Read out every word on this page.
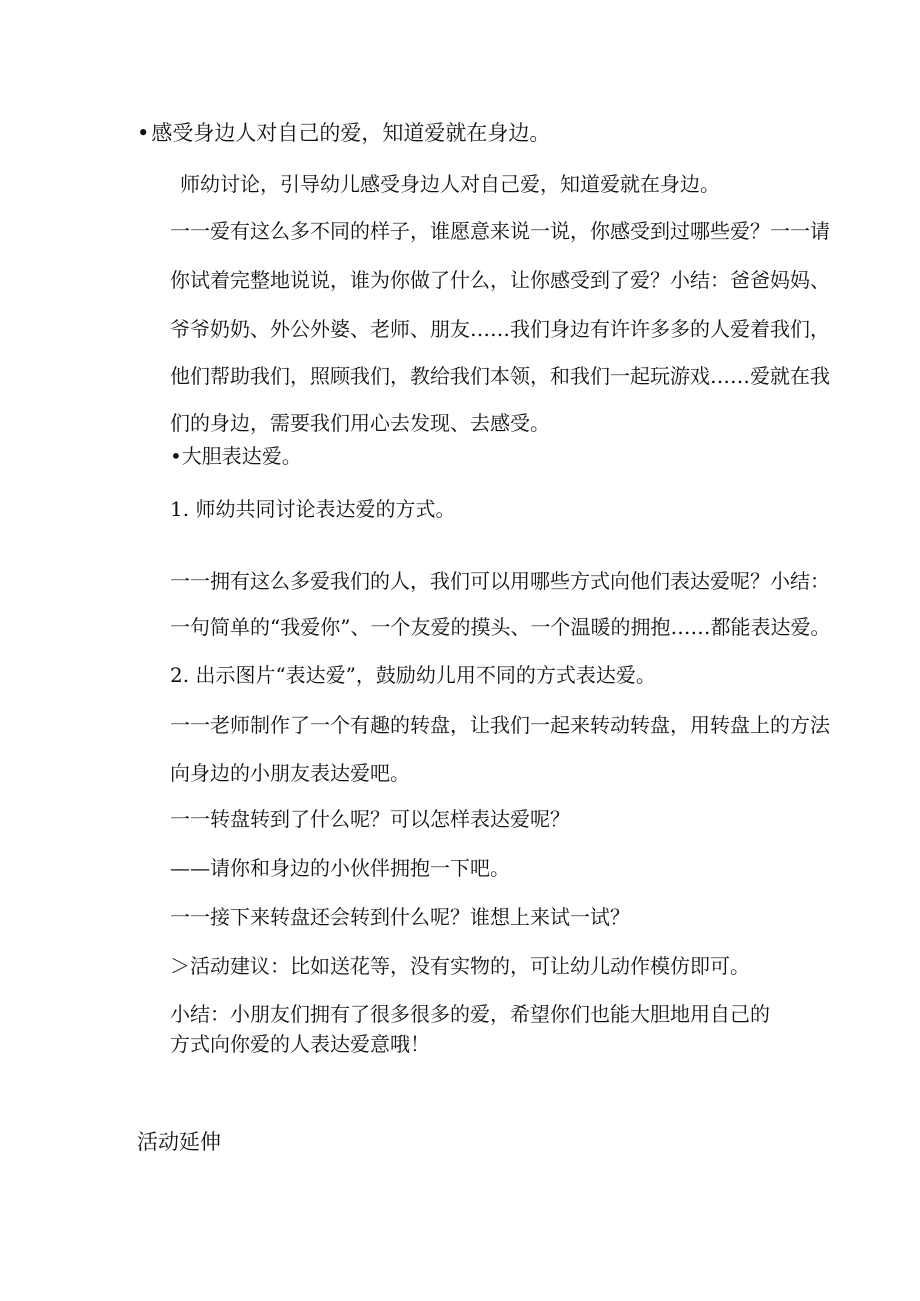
•感受身边人对自己的爱，知道爱就在身边。

师幼讨论，引导幼儿感受身边人对自己爱，知道爱就在身边。

一一爱有这么多不同的样子，谁愿意来说一说，你感受到过哪些爱？一一请

你试着完整地说说，谁为你做了什么，让你感受到了爱？小结：爸爸妈妈、

爷爷奶奶、外公外婆、老师、朋友……我们身边有许许多多的人爱着我们，

他们帮助我们，照顾我们，教给我们本领，和我们一起玩游戏……爱就在我

们的身边，需要我们用心去发现、去感受。

•大胆表达爱。

1. 师幼共同讨论表达爱的方式。

一一拥有这么多爱我们的人，我们可以用哪些方式向他们表达爱呢？小结：

一句简单的“我爱你”、一个友爱的摸头、一个温暖的拥抱……都能表达爱。

2. 出示图片“表达爱”，鼓励幼儿用不同的方式表达爱。

一一老师制作了一个有趣的转盘，让我们一起来转动转盘，用转盘上的方法

向身边的小朋友表达爱吧。

一一转盘转到了什么呢？可以怎样表达爱呢？

——请你和身边的小伙伴拥抱一下吧。

一一接下来转盘还会转到什么呢？谁想上来试一试？

＞活动建议：比如送花等，没有实物的，可让幼儿动作模仿即可。

小结：小朋友们拥有了很多很多的爱，希望你们也能大胆地用自己的

方式向你爱的人表达爱意哦！

活动延伸
